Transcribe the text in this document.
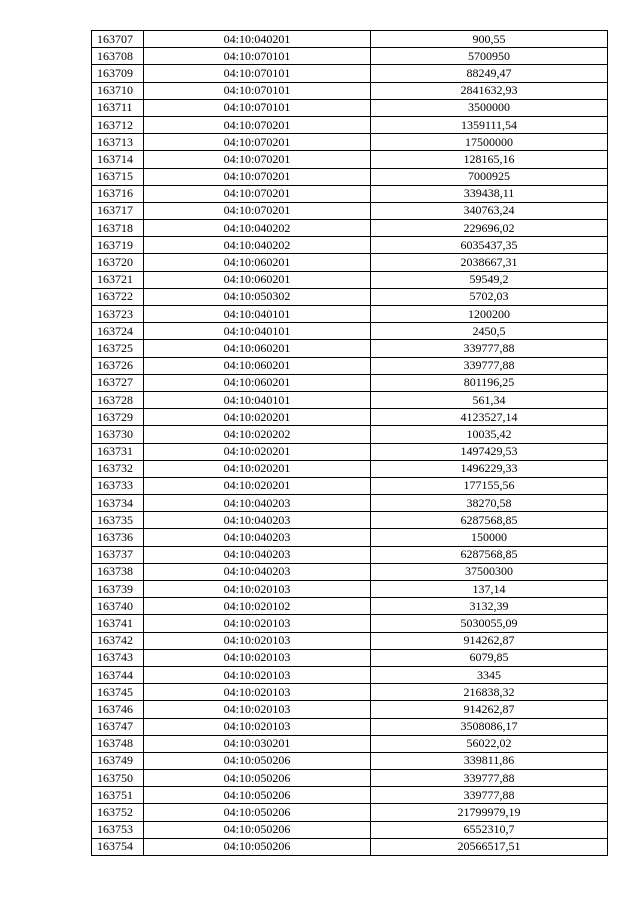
163707	04:10:040201	900,55
163708	04:10:070101	5700950
163709	04:10:070101	88249,47
163710	04:10:070101	2841632,93
163711	04:10:070101	3500000
163712	04:10:070201	1359111,54
163713	04:10:070201	17500000
163714	04:10:070201	128165,16
163715	04:10:070201	7000925
163716	04:10:070201	339438,11
163717	04:10:070201	340763,24
163718	04:10:040202	229696,02
163719	04:10:040202	6035437,35
163720	04:10:060201	2038667,31
163721	04:10:060201	59549,2
163722	04:10:050302	5702,03
163723	04:10:040101	1200200
163724	04:10:040101	2450,5
163725	04:10:060201	339777,88
163726	04:10:060201	339777,88
163727	04:10:060201	801196,25
163728	04:10:040101	561,34
163729	04:10:020201	4123527,14
163730	04:10:020202	10035,42
163731	04:10:020201	1497429,53
163732	04:10:020201	1496229,33
163733	04:10:020201	177155,56
163734	04:10:040203	38270,58
163735	04:10:040203	6287568,85
163736	04:10:040203	150000
163737	04:10:040203	6287568,85
163738	04:10:040203	37500300
163739	04:10:020103	137,14
163740	04:10:020102	3132,39
163741	04:10:020103	5030055,09
163742	04:10:020103	914262,87
163743	04:10:020103	6079,85
163744	04:10:020103	3345
163745	04:10:020103	216838,32
163746	04:10:020103	914262,87
163747	04:10:020103	3508086,17
163748	04:10:030201	56022,02
163749	04:10:050206	339811,86
163750	04:10:050206	339777,88
163751	04:10:050206	339777,88
163752	04:10:050206	21799979,19
163753	04:10:050206	6552310,7
163754	04:10:050206	20566517,51
